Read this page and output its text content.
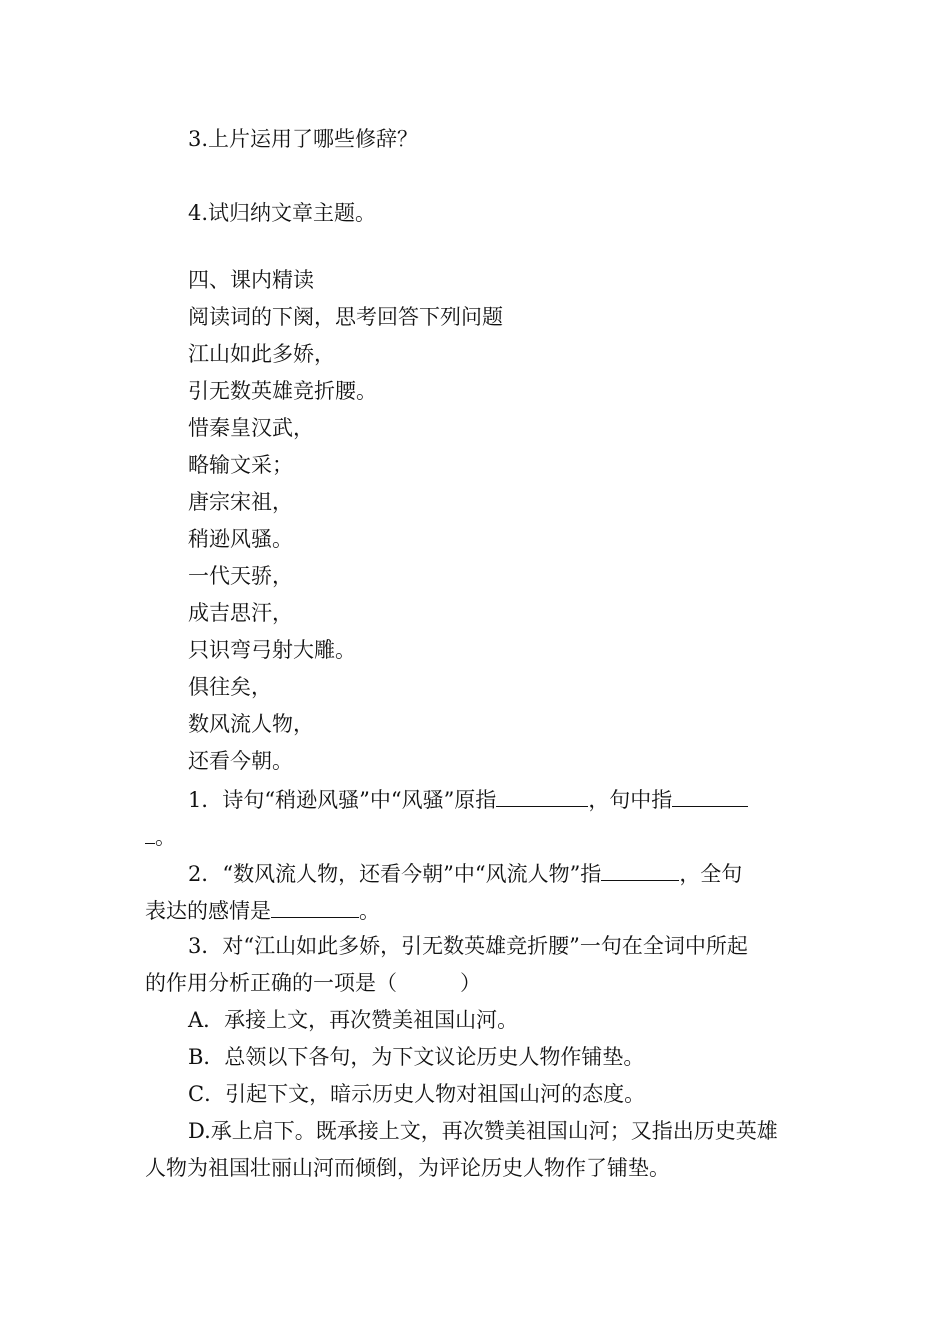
3.上片运用了哪些修辞？

4.试归纳文章主题。

四、课内精读

阅读词的下阕，思考回答下列问题

江山如此多娇，

引无数英雄竞折腰。

惜秦皇汉武，

略输文采；

唐宗宋祖，

稍逊风骚。

一代天骄，

成吉思汗，

只识弯弓射大雕。

俱往矣，

数风流人物，

还看今朝。

1．诗句“稍逊风骚”中“风骚”原指	，句中指

。

2．“数风流人物，还看今朝”中“风流人物”指	，全句

表达的感情是	。

3．对“江山如此多娇，引无数英雄竞折腰”一句在全词中所起

的作用分析正确的一项是（　　　）

A．承接上文，再次赞美祖国山河。

B．总领以下各句，为下文议论历史人物作铺垫。

C．引起下文，暗示历史人物对祖国山河的态度。

D.承上启下。既承接上文，再次赞美祖国山河；又指出历史英雄

人物为祖国壮丽山河而倾倒，为评论历史人物作了铺垫。
